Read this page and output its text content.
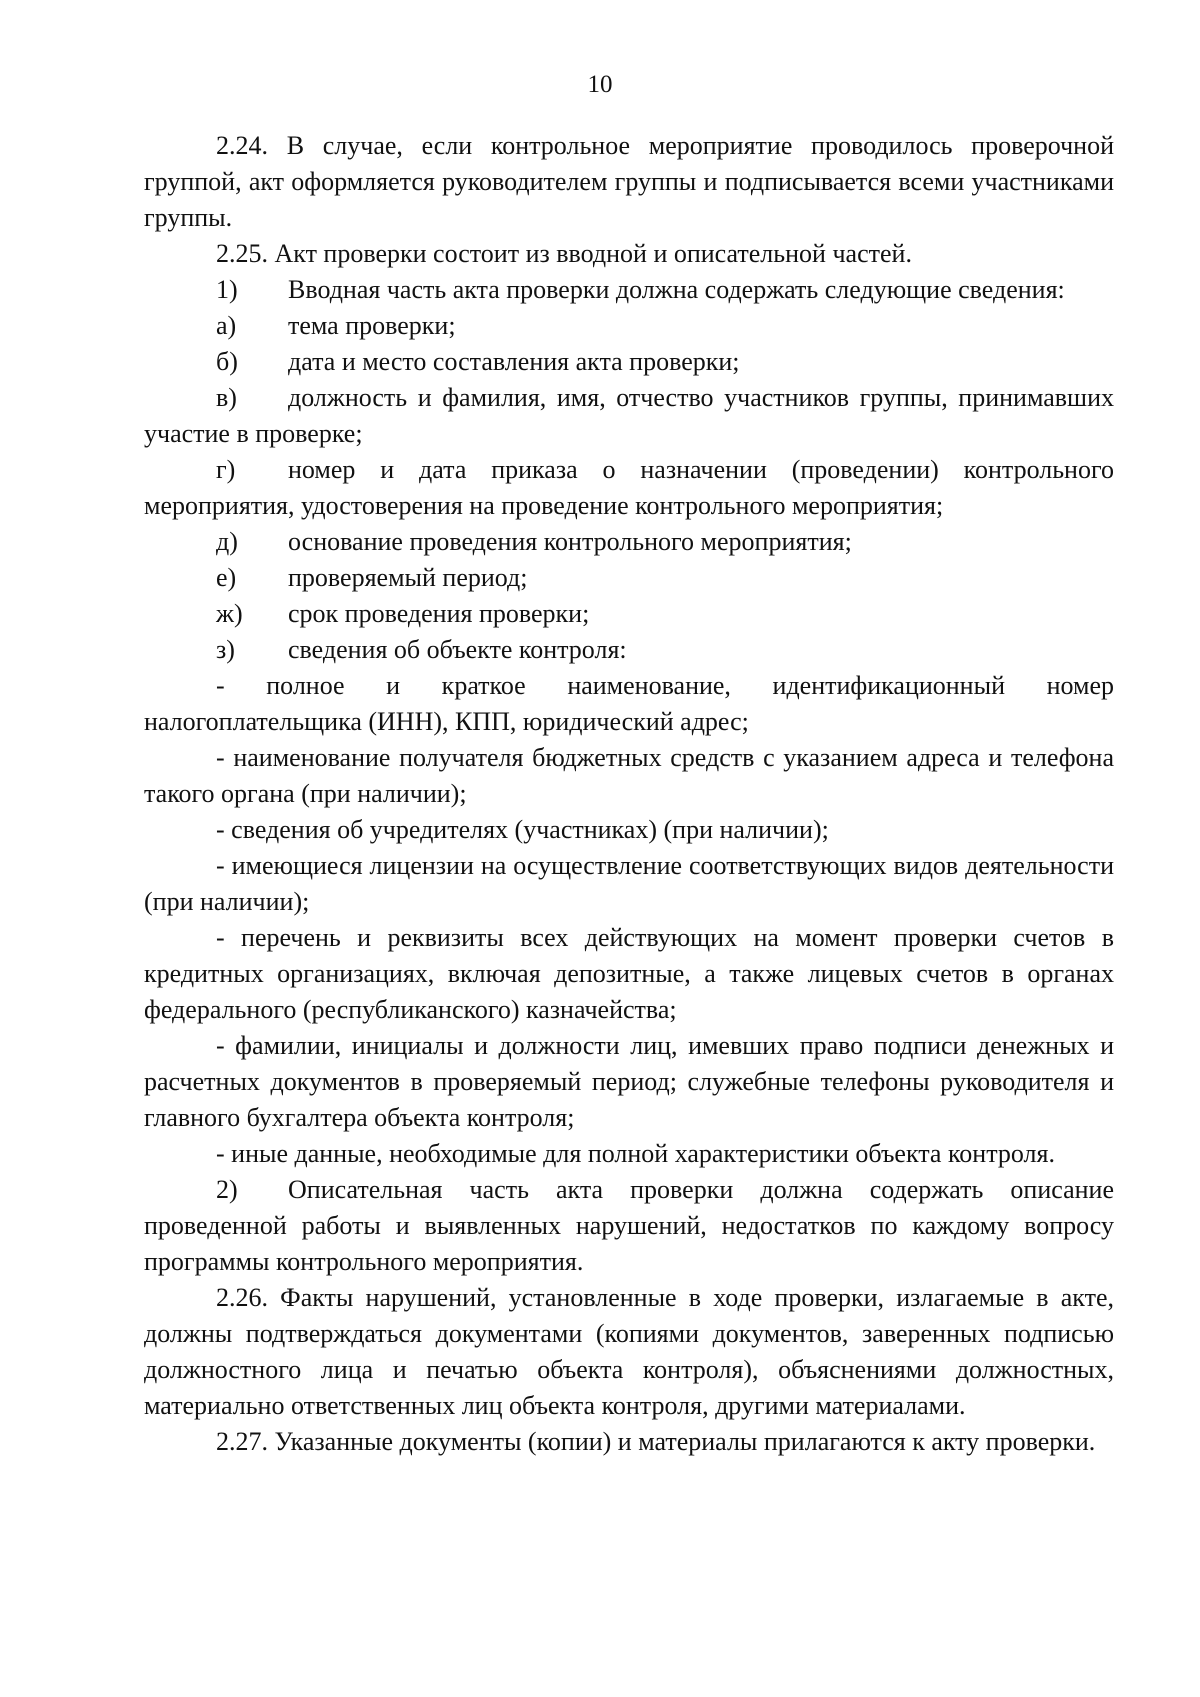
10

2.24. В случае, если контрольное мероприятие проводилось проверочной группой, акт оформляется руководителем группы и подписывается всеми участниками группы.

2.25. Акт проверки состоит из вводной и описательной частей.

1) Вводная часть акта проверки должна содержать следующие сведения:

а) тема проверки;

б) дата и место составления акта проверки;

в) должность и фамилия, имя, отчество участников группы, принимавших участие в проверке;

г) номер и дата приказа о назначении (проведении) контрольного мероприятия, удостоверения на проведение контрольного мероприятия;

д) основание проведения контрольного мероприятия;

е) проверяемый период;

ж) срок проведения проверки;

з) сведения об объекте контроля:

- полное и краткое наименование, идентификационный номер налогоплательщика (ИНН), КПП, юридический адрес;

- наименование получателя бюджетных средств с указанием адреса и телефона такого органа (при наличии);

- сведения об учредителях (участниках) (при наличии);

- имеющиеся лицензии на осуществление соответствующих видов деятельности (при наличии);

- перечень и реквизиты всех действующих на момент проверки счетов в кредитных организациях, включая депозитные, а также лицевых счетов в органах федерального (республиканского) казначейства;

- фамилии, инициалы и должности лиц, имевших право подписи денежных и расчетных документов в проверяемый период; служебные телефоны руководителя и главного бухгалтера объекта контроля;

- иные данные, необходимые для полной характеристики объекта контроля.

2) Описательная часть акта проверки должна содержать описание проведенной работы и выявленных нарушений, недостатков по каждому вопросу программы контрольного мероприятия.

2.26. Факты нарушений, установленные в ходе проверки, излагаемые в акте, должны подтверждаться документами (копиями документов, заверенных подписью должностного лица и печатью объекта контроля), объяснениями должностных, материально ответственных лиц объекта контроля, другими материалами.

2.27. Указанные документы (копии) и материалы прилагаются к акту проверки.
